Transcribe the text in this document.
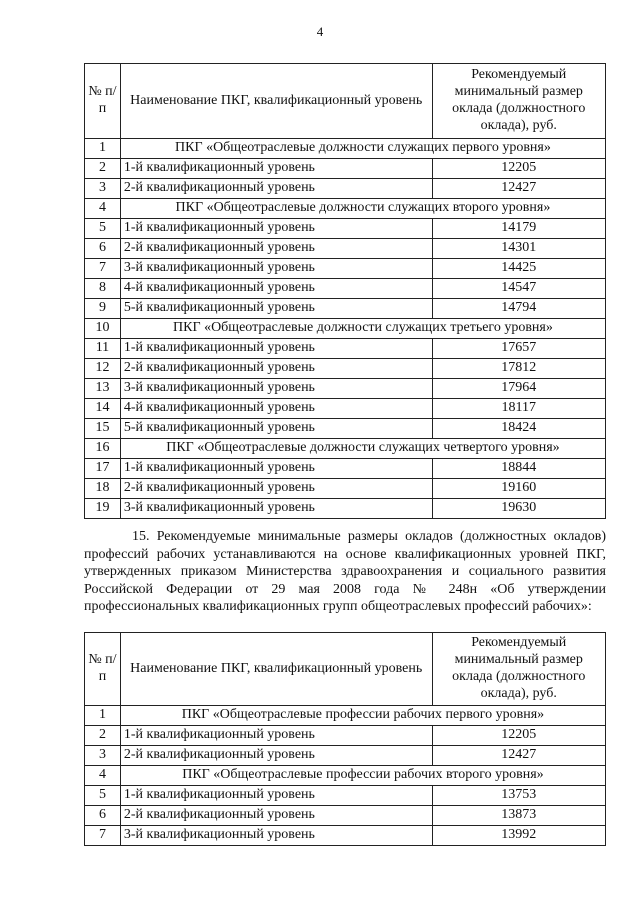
4
№ п/п	Наименование ПКГ, квалификационный уровень	Рекомендуемый минимальный размер оклада (должностного оклада), руб.
1	ПКГ «Общеотраслевые должности служащих первого уровня»	
2	1-й квалификационный уровень	12205
3	2-й квалификационный уровень	12427
4	ПКГ «Общеотраслевые должности служащих второго уровня»	
5	1-й квалификационный уровень	14179
6	2-й квалификационный уровень	14301
7	3-й квалификационный уровень	14425
8	4-й квалификационный уровень	14547
9	5-й квалификационный уровень	14794
10	ПКГ «Общеотраслевые должности служащих третьего уровня»	
11	1-й квалификационный уровень	17657
12	2-й квалификационный уровень	17812
13	3-й квалификационный уровень	17964
14	4-й квалификационный уровень	18117
15	5-й квалификационный уровень	18424
16	ПКГ «Общеотраслевые должности служащих четвертого уровня»	
17	1-й квалификационный уровень	18844
18	2-й квалификационный уровень	19160
19	3-й квалификационный уровень	19630

15. Рекомендуемые минимальные размеры окладов (должностных окладов) профессий рабочих устанавливаются на основе квалификационных уровней ПКГ, утвержденных приказом Министерства здравоохранения и социального развития Российской Федерации от 29 мая 2008 года № 248н «Об утверждении профессиональных квалификационных групп общеотраслевых профессий рабочих»:

№ п/п	Наименование ПКГ, квалификационный уровень	Рекомендуемый минимальный размер оклада (должностного оклада), руб.
1	ПКГ «Общеотраслевые профессии рабочих первого уровня»	
2	1-й квалификационный уровень	12205
3	2-й квалификационный уровень	12427
4	ПКГ «Общеотраслевые профессии рабочих второго уровня»	
5	1-й квалификационный уровень	13753
6	2-й квалификационный уровень	13873
7	3-й квалификационный уровень	13992
